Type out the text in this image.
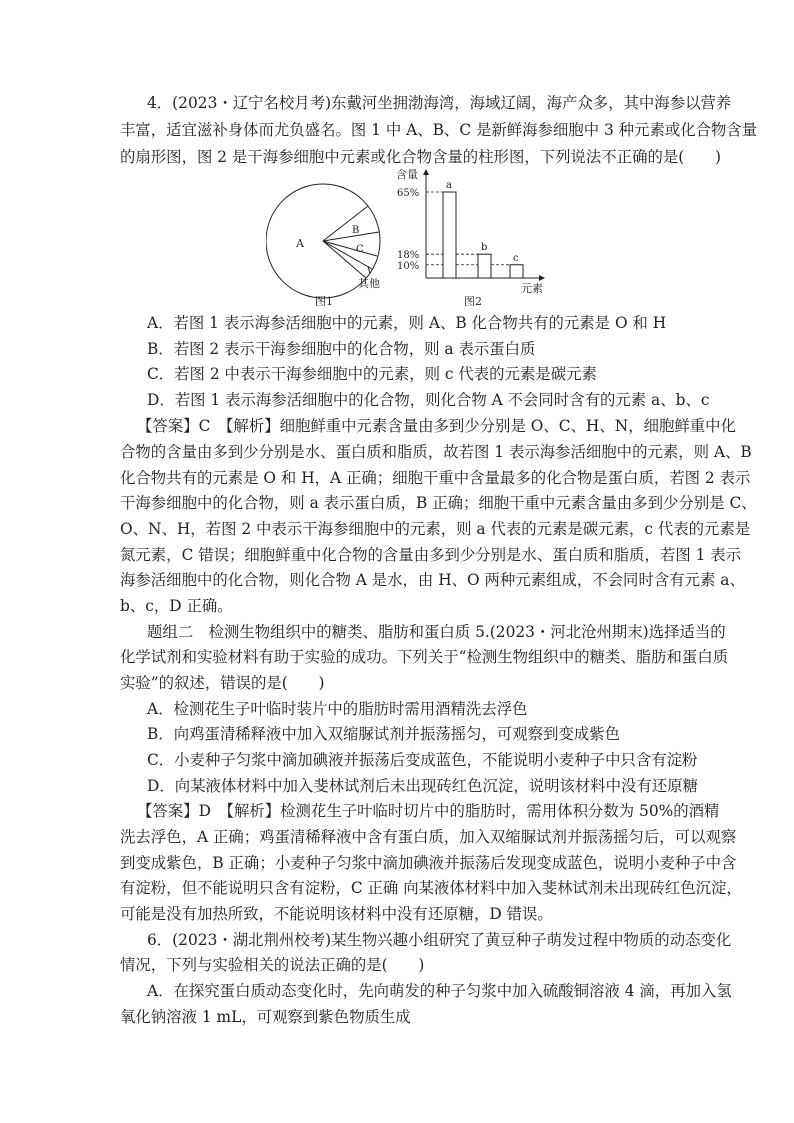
4．(2023・辽宁名校月考)东戴河坐拥渤海湾，海域辽阔，海产众多，其中海参以营养
丰富，适宜滋补身体而尤负盛名。图 1 中 A、B、C 是新鲜海参细胞中 3 种元素或化合物含量
的扇形图，图 2 是干海参细胞中元素或化合物含量的柱形图，下列说法不正确的是(　　)
A
B
C
其他
图1
含量
元素
65%
18%
10%
a
b
c
图2
A．若图 1 表示海参活细胞中的元素，则 A、B 化合物共有的元素是 O 和 H
B．若图 2 表示干海参细胞中的化合物，则 a 表示蛋白质
C．若图 2 中表示干海参细胞中的元素，则 c 代表的元素是碳元素
D．若图 1 表示海参活细胞中的化合物，则化合物 A 不会同时含有的元素 a、b、c
【答案】C　【解析】细胞鲜重中元素含量由多到少分别是 O、C、H、N，细胞鲜重中化
合物的含量由多到少分别是水、蛋白质和脂质，故若图 1 表示海参活细胞中的元素，则 A、B
化合物共有的元素是 O 和 H，A 正确；细胞干重中含量最多的化合物是蛋白质，若图 2 表示
干海参细胞中的化合物，则 a 表示蛋白质，B 正确；细胞干重中元素含量由多到少分别是 C、
O、N、H，若图 2 中表示干海参细胞中的元素，则 a 代表的元素是碳元素，c 代表的元素是
氮元素，C 错误；细胞鲜重中化合物的含量由多到少分别是水、蛋白质和脂质，若图 1 表示
海参活细胞中的化合物，则化合物 A 是水，由 H、O 两种元素组成，不会同时含有元素 a、
b、c，D 正确。
题组二　检测生物组织中的糖类、脂肪和蛋白质 5.(2023・河北沧州期末)选择适当的
化学试剂和实验材料有助于实验的成功。下列关于“检测生物组织中的糖类、脂肪和蛋白质
实验”的叙述，错误的是(　　)
A．检测花生子叶临时装片中的脂肪时需用酒精洗去浮色
B．向鸡蛋清稀释液中加入双缩脲试剂并振荡摇匀，可观察到变成紫色
C．小麦种子匀浆中滴加碘液并振荡后变成蓝色，不能说明小麦种子中只含有淀粉
D．向某液体材料中加入斐林试剂后未出现砖红色沉淀，说明该材料中没有还原糖
【答案】D　【解析】检测花生子叶临时切片中的脂肪时，需用体积分数为 50%的酒精
洗去浮色，A 正确；鸡蛋清稀释液中含有蛋白质，加入双缩脲试剂并振荡摇匀后，可以观察
到变成紫色，B 正确；小麦种子匀浆中滴加碘液并振荡后发现变成蓝色，说明小麦种子中含
有淀粉，但不能说明只含有淀粉，C 正确 向某液体材料中加入斐林试剂未出现砖红色沉淀，
可能是没有加热所致，不能说明该材料中没有还原糖，D 错误。
6．(2023・湖北荆州校考)某生物兴趣小组研究了黄豆种子萌发过程中物质的动态变化
情况，下列与实验相关的说法正确的是(　　)
A．在探究蛋白质动态变化时，先向萌发的种子匀浆中加入硫酸铜溶液 4 滴，再加入氢
氧化钠溶液 1 mL，可观察到紫色物质生成
